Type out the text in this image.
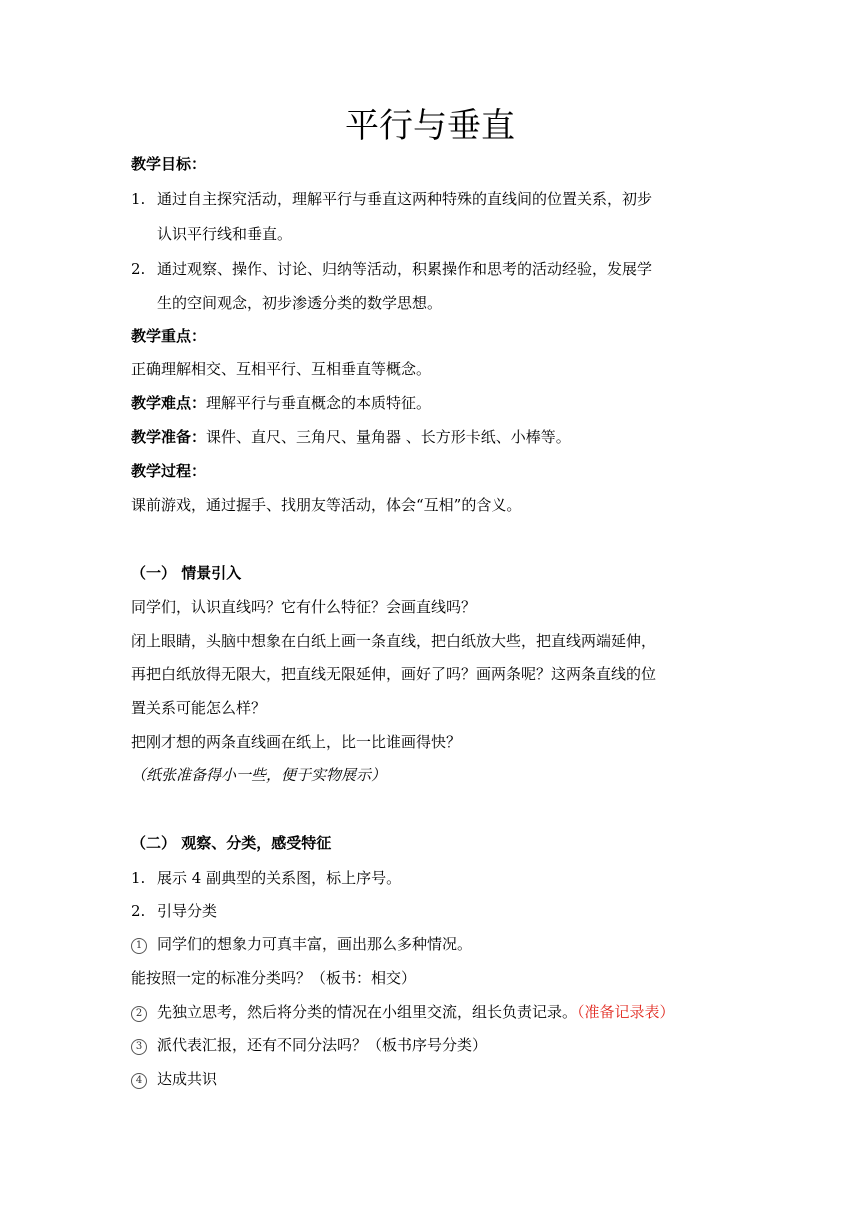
平行与垂直
教学目标：
1. 通过自主探究活动，理解平行与垂直这两种特殊的直线间的位置关系，初步
认识平行线和垂直。
2. 通过观察、操作、讨论、归纳等活动，积累操作和思考的活动经验，发展学
生的空间观念，初步渗透分类的数学思想。
教学重点：
正确理解相交、互相平行、互相垂直等概念。
教学难点：理解平行与垂直概念的本质特征。
教学准备：课件、直尺、三角尺、量角器 、长方形卡纸、小棒等。
教学过程：
课前游戏，通过握手、找朋友等活动，体会“互相”的含义。
（一） 情景引入
同学们，认识直线吗？它有什么特征？会画直线吗？
闭上眼睛，头脑中想象在白纸上画一条直线，把白纸放大些，把直线两端延伸，
再把白纸放得无限大，把直线无限延伸，画好了吗？画两条呢？这两条直线的位
置关系可能怎么样？
把刚才想的两条直线画在纸上，比一比谁画得快？
（纸张准备得小一些，便于实物展示）
（二） 观察、分类，感受特征
1. 展示 4 副典型的关系图，标上序号。
2. 引导分类
1 同学们的想象力可真丰富，画出那么多种情况。
能按照一定的标准分类吗？（板书：相交）
2 先独立思考，然后将分类的情况在小组里交流，组长负责记录。（准备记录表）
3 派代表汇报，还有不同分法吗？（板书序号分类）
4 达成共识
